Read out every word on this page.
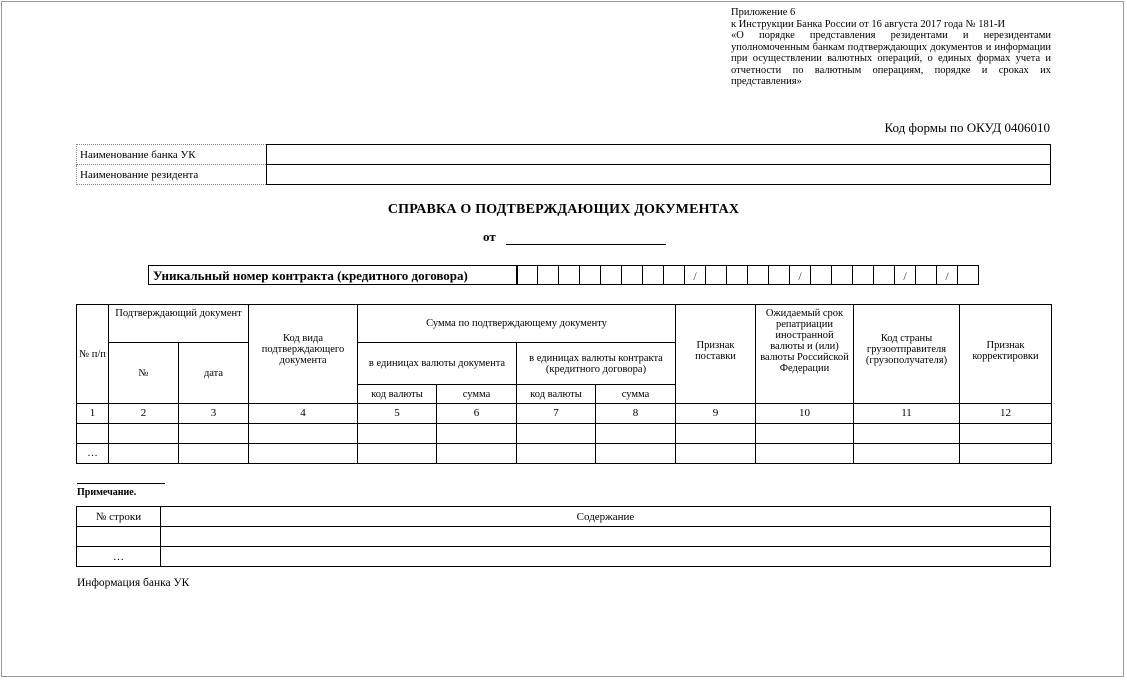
Приложение 6
к Инструкции Банка России от 16 августа 2017 года № 181-И
«О порядке представления резидентами и нерезидентами уполномоченным банкам подтверждающих документов и информации при осуществлении валютных операций, о единых формах учета и отчетности по валютным операциям, порядке и сроках их представления»
Код формы по ОКУД 0406010
Наименование банка УК	
Наименование резидента	
СПРАВКА О ПОДТВЕРЖДАЮЩИХ ДОКУМЕНТАХ
от
Уникальный номер контракта (кредитного договора)	/	/	/	/
№ п/п	Подтверждающий документ		Код вида подтверждающего документа	Сумма по подтверждающему документу				Признак поставки	Ожидаемый срок репатриации иностранной валюты и (или) валюты Российской Федерации	Код страны грузоотправителя (грузополучателя)	Признак корректировки
	№	дата		в единицах валюты документа		в единицах валюты контракта (кредитного договора)					
				код валюты	сумма	код валюты	сумма				
1	2	3	4	5	6	7	8	9	10	11	12

…											
Примечание.
№ строки	Содержание

…	
Информация банка УК
